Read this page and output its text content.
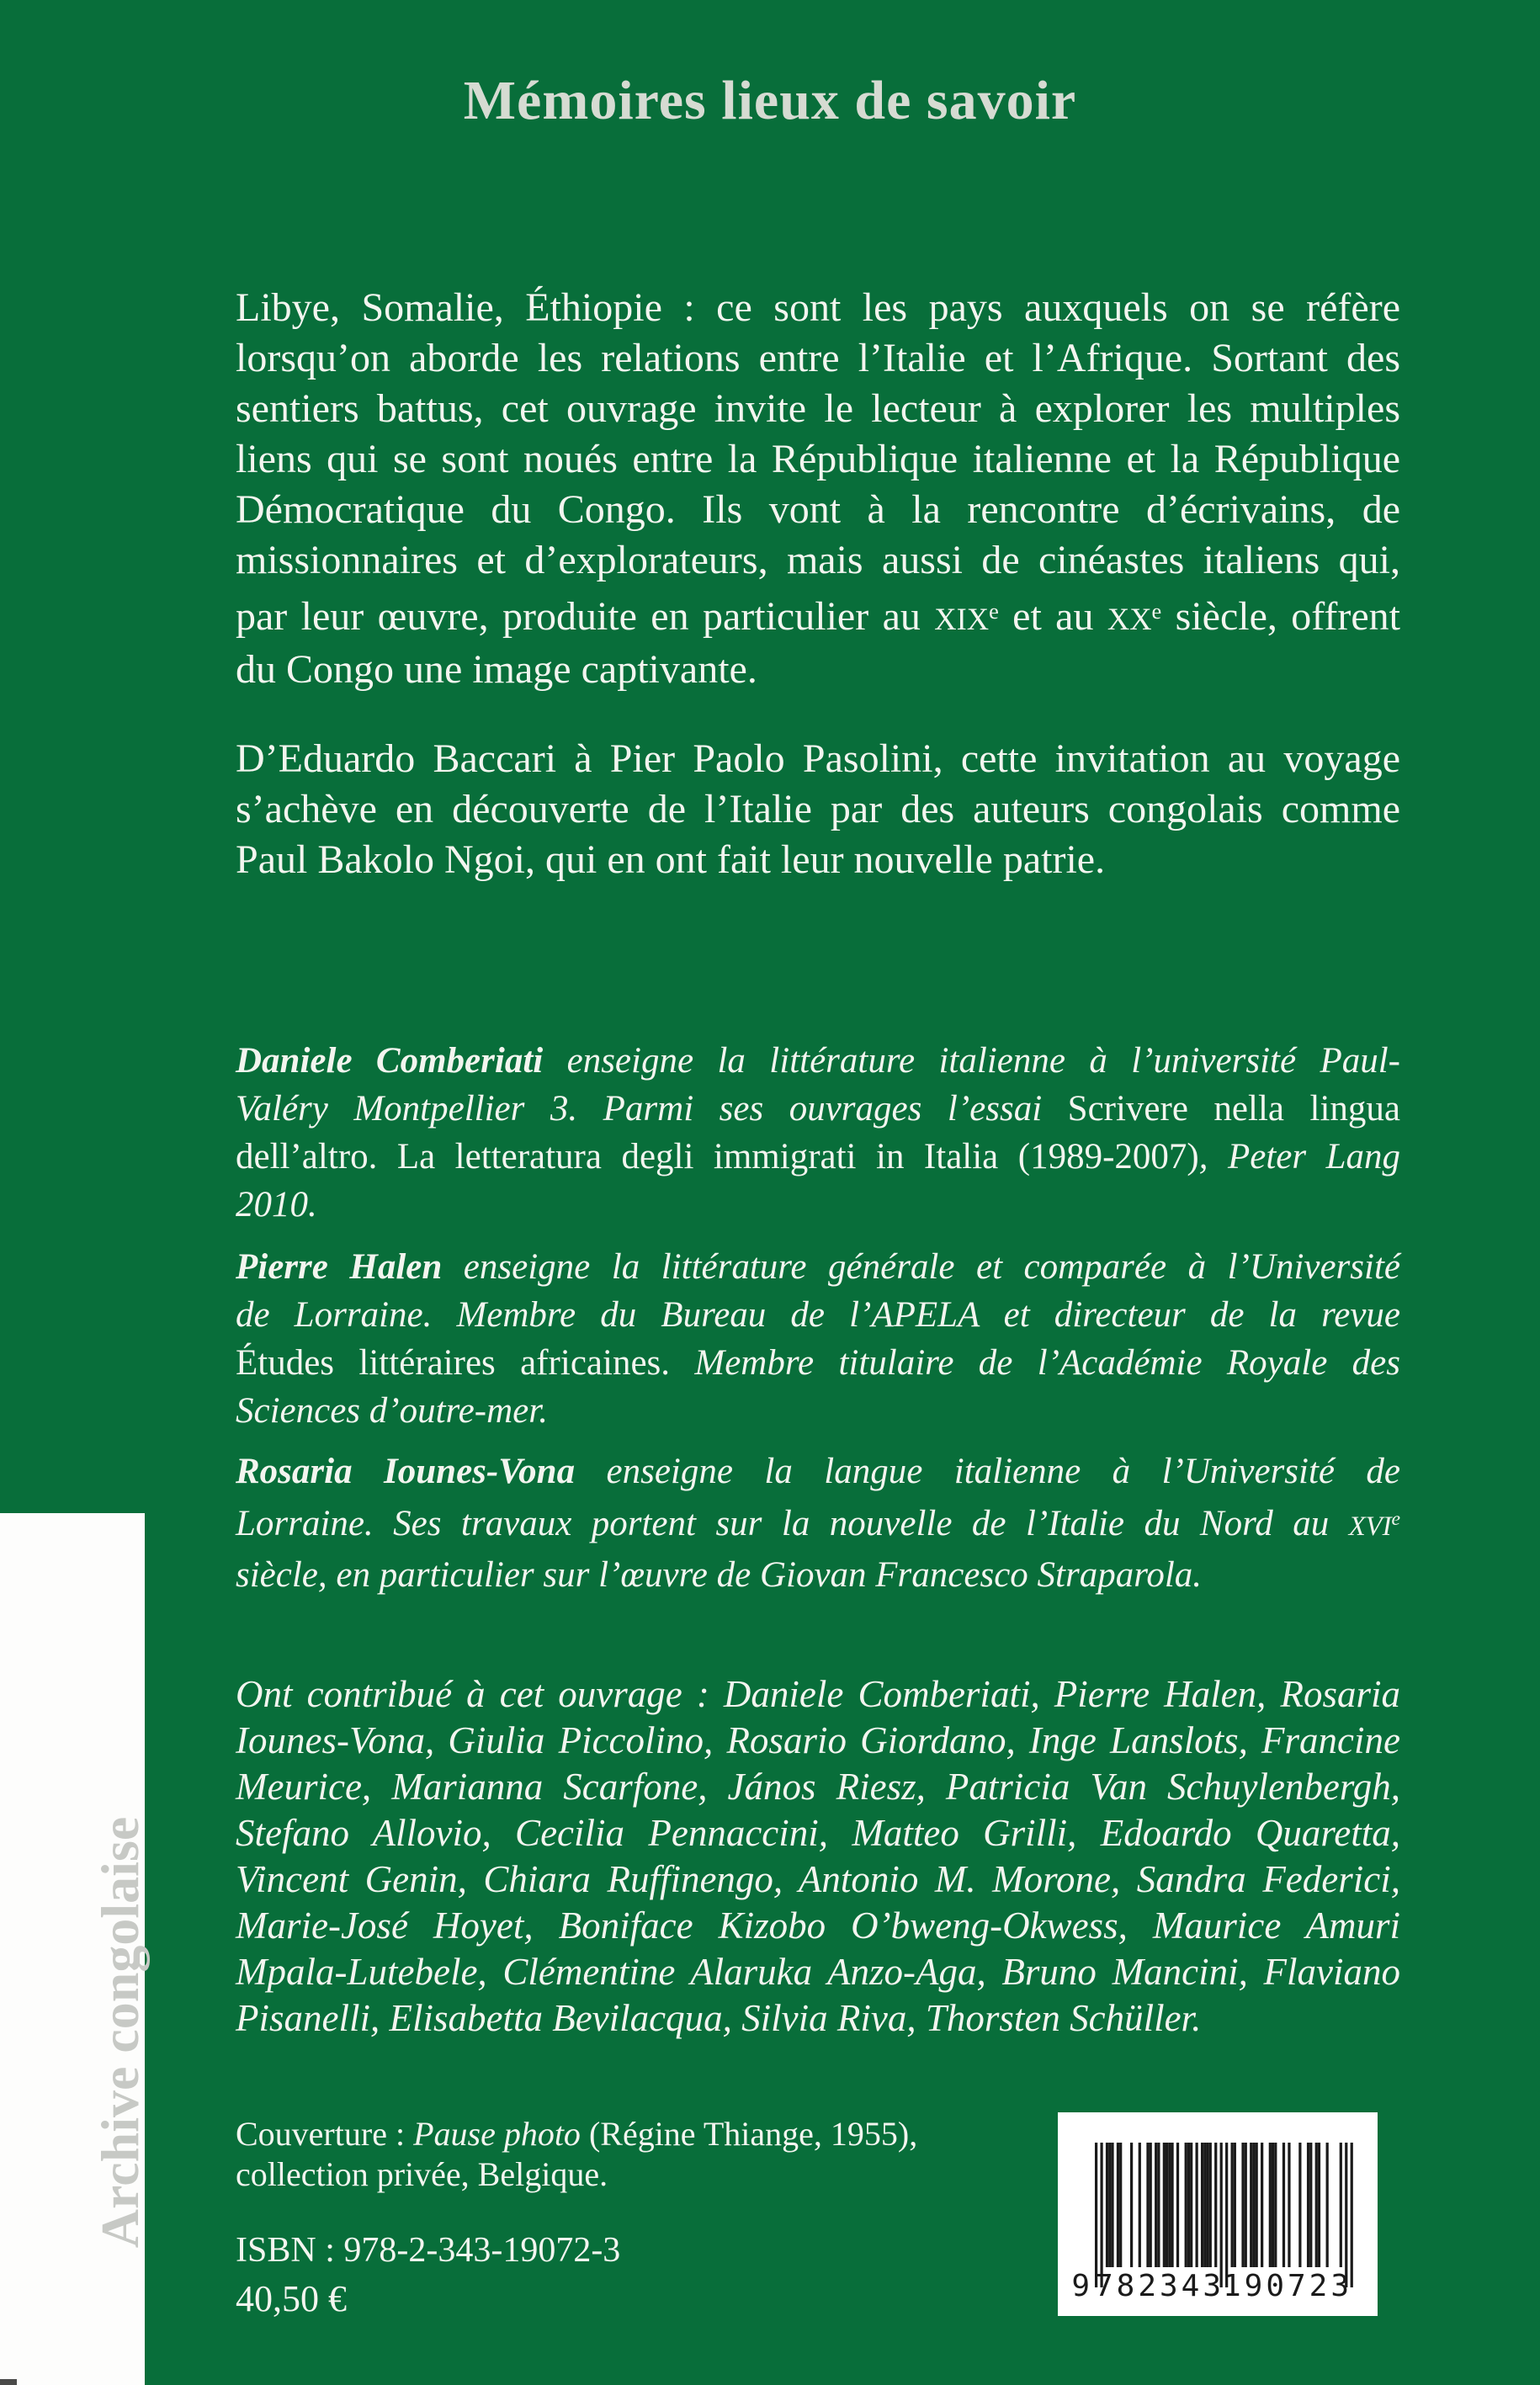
Mémoires lieux de savoir
Libye, Somalie, Éthiopie : ce sont les pays auxquels on se réfère
lorsqu’on aborde les relations entre l’Italie et l’Afrique. Sortant des
sentiers battus, cet ouvrage invite le lecteur à explorer les multiples
liens qui se sont noués entre la République italienne et la République
Démocratique du Congo. Ils vont à la rencontre d’écrivains, de
missionnaires et d’explorateurs, mais aussi de cinéastes italiens qui,
par leur œuvre, produite en particulier au XIXe et au XXe siècle, offrent
du Congo une image captivante.
D’Eduardo Baccari à Pier Paolo Pasolini, cette invitation au voyage
s’achève en découverte de l’Italie par des auteurs congolais comme
Paul Bakolo Ngoi, qui en ont fait leur nouvelle patrie.
Daniele Comberiati enseigne la littérature italienne à l’université Paul-
Valéry Montpellier 3. Parmi ses ouvrages l’essai Scrivere nella lingua
dell’altro. La letteratura degli immigrati in Italia (1989-2007), Peter Lang
2010.
Pierre Halen enseigne la littérature générale et comparée à l’Université
de Lorraine. Membre du Bureau de l’APELA et directeur de la revue
Études littéraires africaines. Membre titulaire de l’Académie Royale des
Sciences d’outre-mer.
Rosaria Iounes-Vona enseigne la langue italienne à l’Université de
Lorraine. Ses travaux portent sur la nouvelle de l’Italie du Nord au XVIe
siècle, en particulier sur l’œuvre de Giovan Francesco Straparola.
Ont contribué à cet ouvrage : Daniele Comberiati, Pierre Halen, Rosaria
Iounes-Vona, Giulia Piccolino, Rosario Giordano, Inge Lanslots, Francine
Meurice, Marianna Scarfone, János Riesz, Patricia Van Schuylenbergh,
Stefano Allovio, Cecilia Pennaccini, Matteo Grilli, Edoardo Quaretta,
Vincent Genin, Chiara Ruffinengo, Antonio M. Morone, Sandra Federici,
Marie-José Hoyet, Boniface Kizobo O’bweng-Okwess, Maurice Amuri
Mpala-Lutebele, Clémentine Alaruka Anzo-Aga, Bruno Mancini, Flaviano
Pisanelli, Elisabetta Bevilacqua, Silvia Riva, Thorsten Schüller.
Couverture : Pause photo (Régine Thiange, 1955),
collection privée, Belgique.
ISBN : 978-2-343-19072-3
40,50 €
Archive congolaise
9 782343
190723
